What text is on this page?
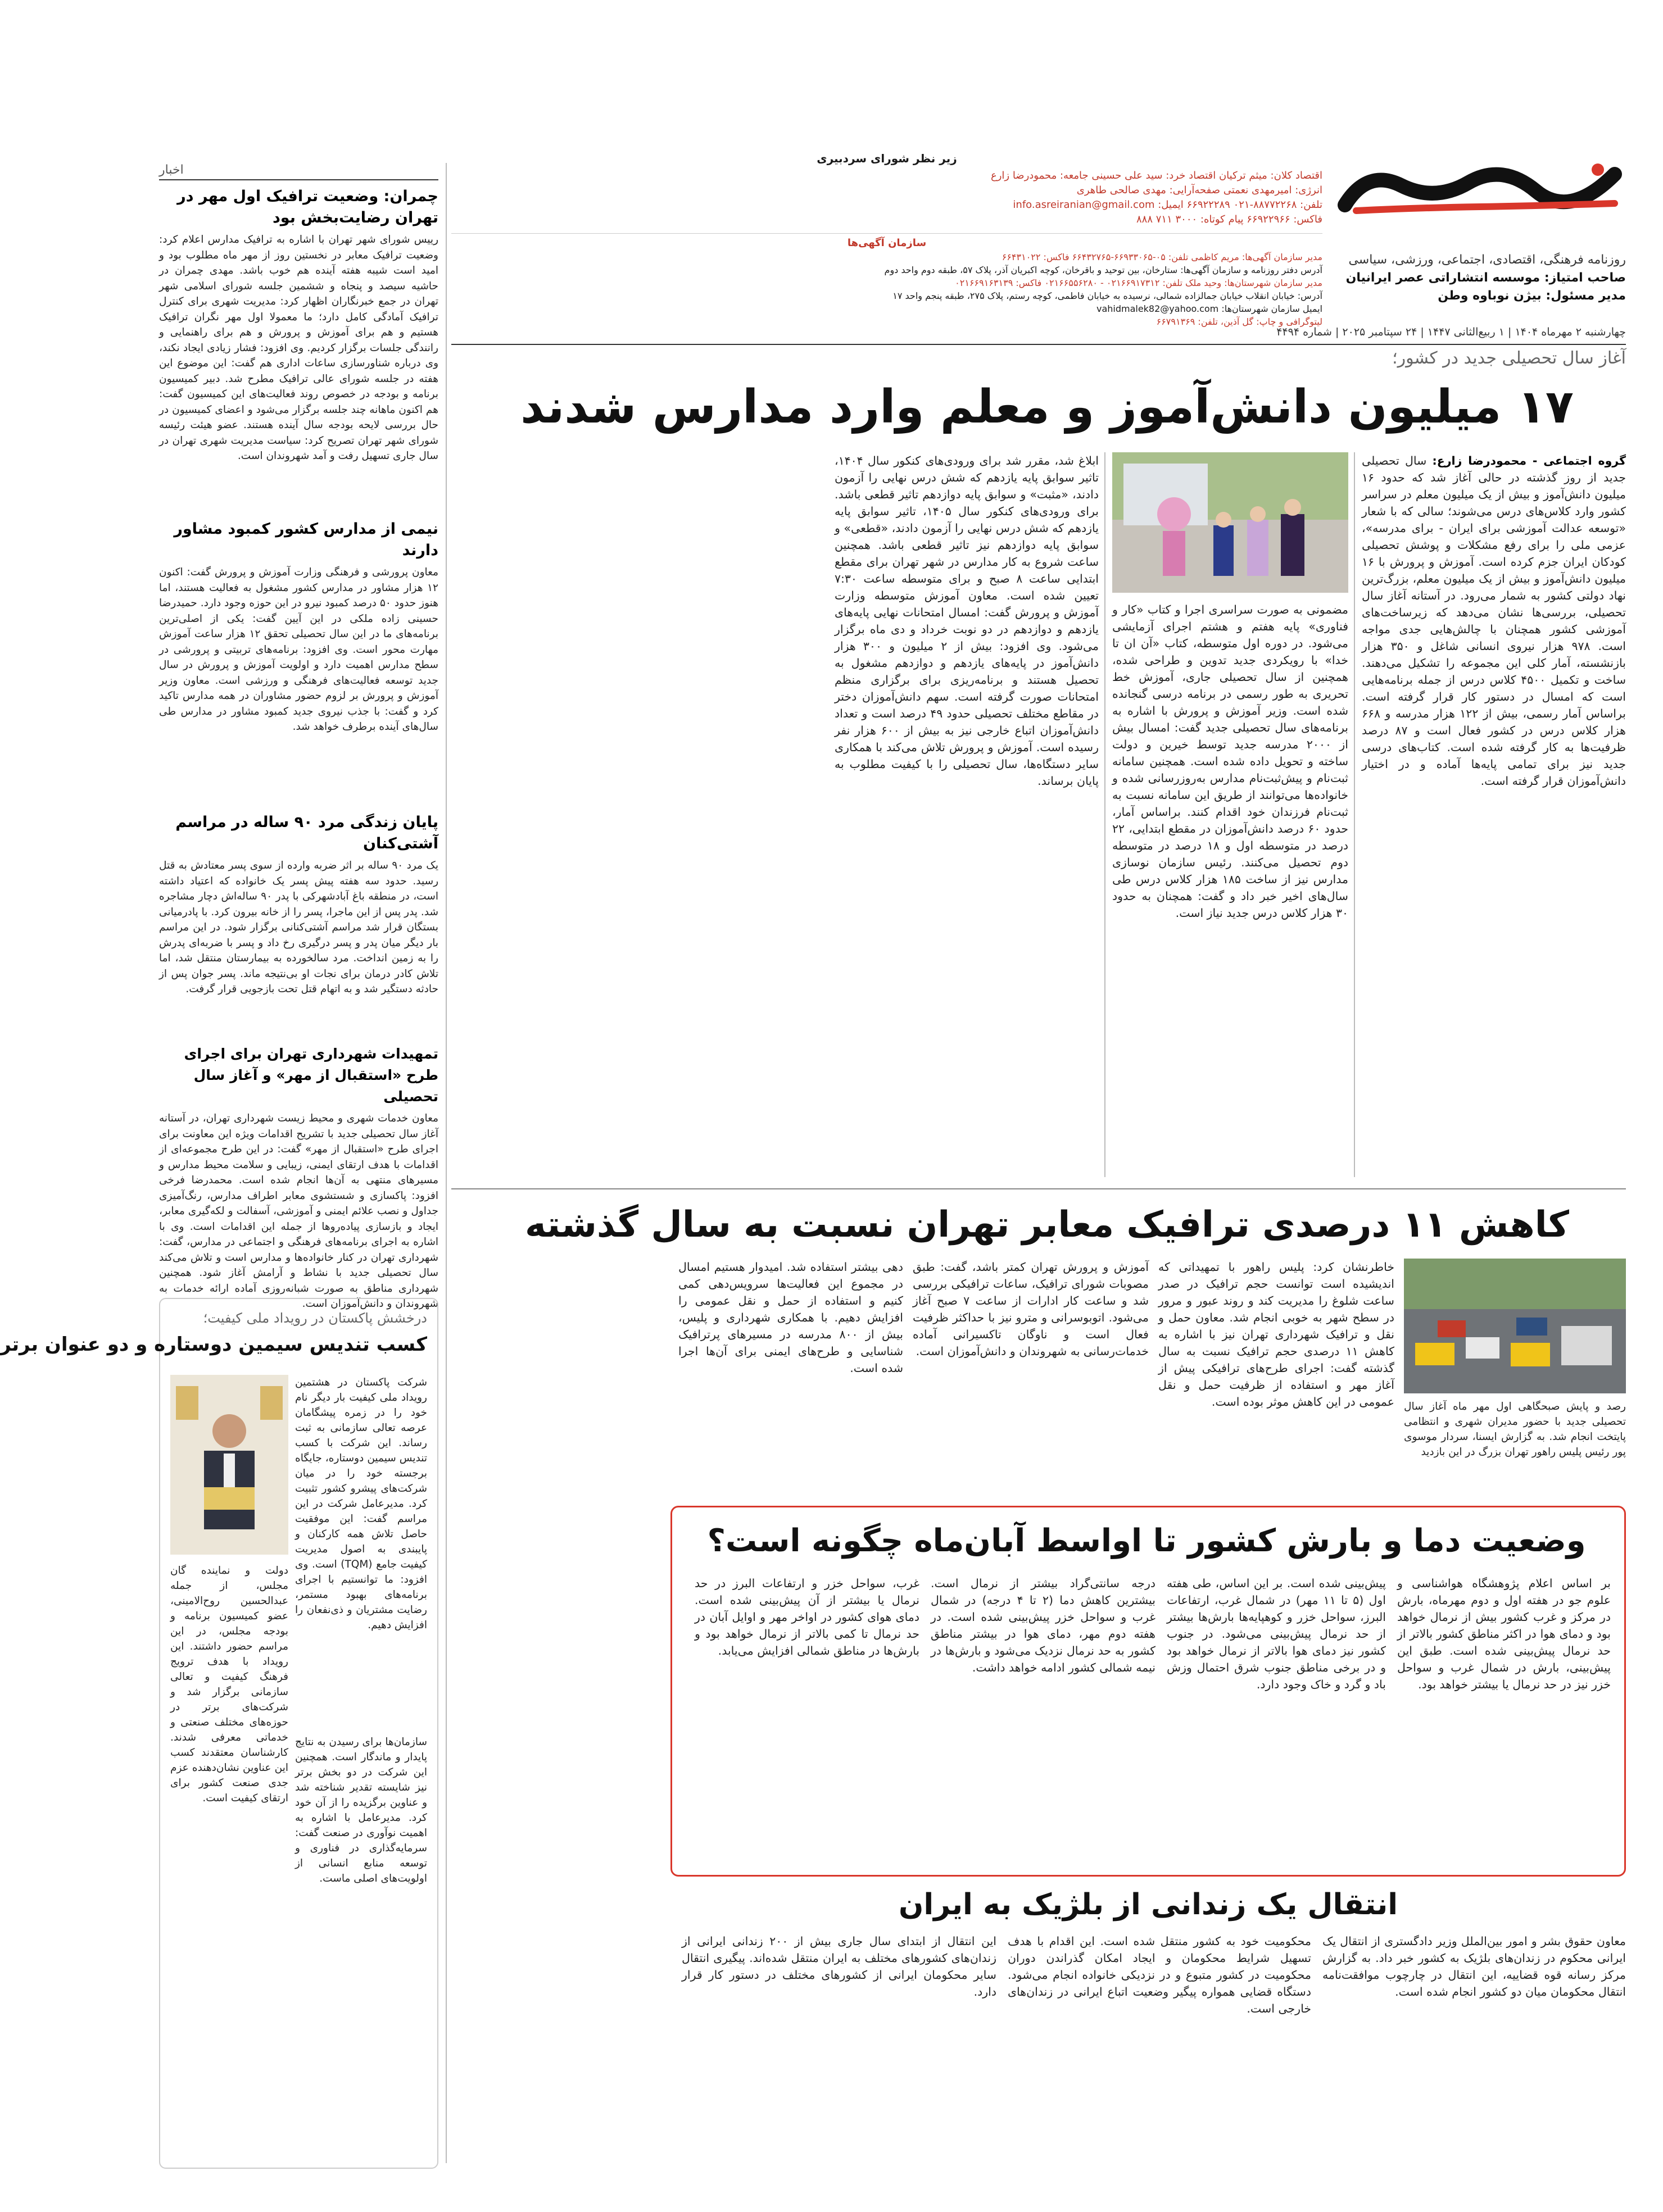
روزنامه فرهنگی، اقتصادی، اجتماعی، ورزشی، سیاسی
صاحب امتیاز: موسسه انتشاراتی عصر ایرانیان
مدیر مسئول: بیژن نوباوه وطن
زیر نظر شورای سردبیری
اقتصاد کلان: میثم ترکیان اقتصاد خرد: سید علی حسینی جامعه: محمودرضا زارع
انرژی: امیرمهدی نعمتی صفحه‌آرایی: مهدی صالحی طاهری
تلفن: ۸۸۷۷۲۲۶۸-۰۲۱ ۶۶۹۲۲۲۸۹ ایمیل: info.asreiranian@gmail.com
فاکس: ۶۶۹۲۲۹۶۶ پیام کوتاه: ۳۰۰۰ ۷۱۱ ۸۸۸
سازمان آگهی‌ها
مدیر سازمان آگهی‌ها: مریم کاظمی تلفن: ۰۵-۶۶۹۳۳۰۶۵-۶۶۴۳۲۷۶۵ فاکس: ۶۶۴۳۱۰۲۲
آدرس دفتر روزنامه و سازمان آگهی‌ها: ستارخان، بین توحید و باقرخان، کوچه اکبریان آذر، پلاک ۵۷، طبقه دوم واحد دوم
مدیر سازمان شهرستان‌ها: وحید ملک تلفن: ۰۲۱۶۶۹۱۷۳۱۲ - ۰۲۱۶۶۵۵۶۲۸۰ فاکس: ۰۲۱۶۶۹۱۶۳۱۳۹
آدرس: خیابان انقلاب خیابان جمالزاده شمالی، نرسیده به خیابان فاطمی، کوچه رستم، پلاک ۲۷۵، طبقه پنجم واحد ۱۷
ایمیل سازمان شهرستان‌ها: vahidmalek82@yahoo.com
لیتوگرافی و چاپ: گل آذین، تلفن: ۶۶۷۹۱۳۶۹
چهارشنبه ۲ مهرماه ۱۴۰۴ | ۱ ربیع‌الثانی ۱۴۴۷ | ۲۴ سپتامبر ۲۰۲۵ | شماره ۴۴۹۴
اخبار
چمران: وضعیت ترافیک اول مهر در تهران رضایت‌بخش بود
رییس شورای شهر تهران با اشاره به ترافیک مدارس اعلام کرد: وضعیت ترافیک معابر در نخستین روز از مهر ماه مطلوب بود و امید است شیبه هفته آینده هم خوب باشد. مهدی چمران در حاشیه سیصد و پنجاه و ششمین جلسه شورای اسلامی شهر تهران در جمع خبرنگاران اظهار کرد: مدیریت شهری برای کنترل ترافیک آمادگی کامل دارد؛ ما معمولا اول مهر نگران ترافیک هستیم و هم برای آموزش و پرورش و هم برای راهنمایی و رانندگی جلسات برگزار کردیم. وی افزود: فشار زیادی ایجاد نکند، وی درباره شناورسازی ساعات اداری هم گفت: این موضوع این هفته در جلسه شورای عالی ترافیک مطرح شد. دبیر کمیسیون برنامه و بودجه در خصوص روند فعالیت‌های این کمیسیون گفت: هم اکنون ماهانه چند جلسه برگزار می‌شود و اعضای کمیسیون در حال بررسی لایحه بودجه سال آینده هستند. عضو هیئت رئیسه شورای شهر تهران تصریح کرد: سیاست مدیریت شهری تهران در سال جاری تسهیل رفت و آمد شهروندان است.
نیمی از مدارس کشور کمبود مشاور دارند
معاون پرورشی و فرهنگی وزارت آموزش و پرورش گفت: اکنون ۱۲ هزار مشاور در مدارس کشور مشغول به فعالیت هستند، اما هنوز حدود ۵۰ درصد کمبود نیرو در این حوزه وجود دارد. حمیدرضا حسینی زاده ملکی در این آیین گفت: یکی از اصلی‌ترین برنامه‌های ما در این سال تحصیلی تحقق ۱۲ هزار ساعت آموزش مهارت محور است. وی افزود: برنامه‌های تربیتی و پرورشی در سطح مدارس اهمیت دارد و اولویت آموزش و پرورش در سال جدید توسعه فعالیت‌های فرهنگی و ورزشی است. معاون وزیر آموزش و پرورش بر لزوم حضور مشاوران در همه مدارس تاکید کرد و گفت: با جذب نیروی جدید کمبود مشاور در مدارس طی سال‌های آینده برطرف خواهد شد.
پایان زندگی مرد ۹۰ ساله در مراسم آشتی‌کنان
یک مرد ۹۰ ساله بر اثر ضربه وارده از سوی پسر معتادش به قتل رسید. حدود سه هفته پیش پسر یک خانواده که اعتیاد داشته است، در منطقه باغ آبادشهرکی با پدر ۹۰ ساله‌اش دچار مشاجره شد. پدر پس از این ماجرا، پسر را از خانه بیرون کرد. با پادرمیانی بستگان قرار شد مراسم آشتی‌کنانی برگزار شود. در این مراسم بار دیگر میان پدر و پسر درگیری رخ داد و پسر با ضربه‌ای پدرش را به زمین انداخت. مرد سالخورده به بیمارستان منتقل شد، اما تلاش کادر درمان برای نجات او بی‌نتیجه ماند. پسر جوان پس از حادثه دستگیر شد و به اتهام قتل تحت بازجویی قرار گرفت.
تمهیدات شهرداری تهران برای اجرای طرح «استقبال از مهر» و آغاز سال تحصیلی
معاون خدمات شهری و محیط زیست شهرداری تهران، در آستانه آغاز سال تحصیلی جدید با تشریح اقدامات ویژه این معاونت برای اجرای طرح «استقبال از مهر» گفت: در این طرح مجموعه‌ای از اقدامات با هدف ارتقای ایمنی، زیبایی و سلامت محیط مدارس و مسیرهای منتهی به آن‌ها انجام شده است. محمدرضا فرخی افزود: پاکسازی و شستشوی معابر اطراف مدارس، رنگ‌آمیزی جداول و نصب علائم ایمنی و آموزشی، آسفالت و لکه‌گیری معابر، ایجاد و بازسازی پیاده‌روها از جمله این اقدامات است. وی با اشاره به اجرای برنامه‌های فرهنگی و اجتماعی در مدارس، گفت: شهرداری تهران در کنار خانواده‌ها و مدارس است و تلاش می‌کند سال تحصیلی جدید با نشاط و آرامش آغاز شود. همچنین شهرداری مناطق به صورت شبانه‌روزی آماده ارائه خدمات به شهروندان و دانش‌آموزان است.
آغاز سال تحصیلی جدید در کشور؛
۱۷ میلیون دانش‌آموز و معلم وارد مدارس شدند
گروه اجتماعی - محمودرضا زارع: سال تحصیلی جدید از روز گذشته در حالی آغاز شد که حدود ۱۶ میلیون دانش‌آموز و بیش از یک میلیون معلم در سراسر کشور وارد کلاس‌های درس می‌شوند؛ سالی که با شعار «توسعه عدالت آموزشی برای ایران - برای مدرسه»، عزمی ملی را برای رفع مشکلات و پوشش تحصیلی کودکان ایران جزم کرده است. آموزش و پرورش با ۱۶ میلیون دانش‌آموز و بیش از یک میلیون معلم، بزرگ‌ترین نهاد دولتی کشور به شمار می‌رود. در آستانه آغاز سال تحصیلی، بررسی‌ها نشان می‌دهد که زیرساخت‌های آموزشی کشور همچنان با چالش‌هایی جدی مواجه است. ۹۷۸ هزار نیروی انسانی شاغل و ۳۵۰ هزار بازنشسته، آمار کلی این مجموعه را تشکیل می‌دهند. ساخت و تکمیل ۴۵۰۰ کلاس درس از جمله برنامه‌هایی است که امسال در دستور کار قرار گرفته است. براساس آمار رسمی، بیش از ۱۲۲ هزار مدرسه و ۶۶۸ هزار کلاس درس در کشور فعال است و ۸۷ درصد ظرفیت‌ها به کار گرفته شده است. کتاب‌های درسی جدید نیز برای تمامی پایه‌ها آماده و در اختیار دانش‌آموزان قرار گرفته است.
مضمونی به صورت سراسری اجرا و کتاب «کار و فناوری» پایه هفتم و هشتم اجرای آزمایشی می‌شود. در دوره اول متوسطه، کتاب «آن ان تا خدا» با رویکردی جدید تدوین و طراحی شده، همچنین از سال تحصیلی جاری، آموزش خط تحریری به طور رسمی در برنامه درسی گنجانده شده است. وزیر آموزش و پرورش با اشاره به برنامه‌های سال تحصیلی جدید گفت: امسال بیش از ۲۰۰۰ مدرسه جدید توسط خیرین و دولت ساخته و تحویل داده شده است. همچنین سامانه ثبت‌نام و پیش‌ثبت‌نام مدارس به‌روزرسانی شده و خانواده‌ها می‌توانند از طریق این سامانه نسبت به ثبت‌نام فرزندان خود اقدام کنند. براساس آمار، حدود ۶۰ درصد دانش‌آموزان در مقطع ابتدایی، ۲۲ درصد در متوسطه اول و ۱۸ درصد در متوسطه دوم تحصیل می‌کنند. رئیس سازمان نوسازی مدارس نیز از ساخت ۱۸۵ هزار کلاس درس طی سال‌های اخیر خبر داد و گفت: همچنان به حدود ۳۰ هزار کلاس درس جدید نیاز است.
ابلاغ شد، مقرر شد برای ورودی‌های کنکور سال ۱۴۰۴، تاثیر سوابق پایه یازدهم که شش درس نهایی را آزمون دادند، «مثبت» و سوابق پایه دوازدهم تاثیر قطعی باشد. برای ورودی‌های کنکور سال ۱۴۰۵، تاثیر سوابق پایه یازدهم که شش درس نهایی را آزمون دادند، «قطعی» و سوابق پایه دوازدهم نیز تاثیر قطعی باشد. همچنین ساعت شروع به کار مدارس در شهر تهران برای مقطع ابتدایی ساعت ۸ صبح و برای متوسطه ساعت ۷:۳۰ تعیین شده است. معاون آموزش متوسطه وزارت آموزش و پرورش گفت: امسال امتحانات نهایی پایه‌های یازدهم و دوازدهم در دو نوبت خرداد و دی ماه برگزار می‌شود. وی افزود: بیش از ۲ میلیون و ۳۰۰ هزار دانش‌آموز در پایه‌های یازدهم و دوازدهم مشغول به تحصیل هستند و برنامه‌ریزی برای برگزاری منظم امتحانات صورت گرفته است. سهم دانش‌آموزان دختر در مقاطع مختلف تحصیلی حدود ۴۹ درصد است و تعداد دانش‌آموزان اتباع خارجی نیز به بیش از ۶۰۰ هزار نفر رسیده است. آموزش و پرورش تلاش می‌کند با همکاری سایر دستگاه‌ها، سال تحصیلی را با کیفیت مطلوب به پایان برساند.
کاهش ۱۱ درصدی ترافیک معابر تهران نسبت به سال گذشته
رصد و پایش صبحگاهی اول مهر ماه آغاز سال تحصیلی جدید با حضور مدیران شهری و انتظامی پایتخت انجام شد. به گزارش ایسنا، سردار موسوی پور رئیس پلیس راهور تهران بزرگ در این بازدید
خاطرنشان کرد: پلیس راهور با تمهیداتی که اندیشیده است توانست حجم ترافیک در صدر ساعت شلوغ را مدیریت کند و روند عبور و مرور در سطح شهر به خوبی انجام شد. معاون حمل و نقل و ترافیک شهرداری تهران نیز با اشاره به کاهش ۱۱ درصدی حجم ترافیک نسبت به سال گذشته گفت: اجرای طرح‌های ترافیکی پیش از آغاز مهر و استفاده از ظرفیت حمل و نقل عمومی در این کاهش موثر بوده است.
آموزش و پرورش تهران کمتر باشد، گفت: طبق مصوبات شورای ترافیک، ساعات ترافیکی بررسی شد و ساعت کار ادارات از ساعت ۷ صبح آغاز می‌شود. اتوبوسرانی و مترو نیز با حداکثر ظرفیت فعال است و ناوگان تاکسیرانی آماده خدمات‌رسانی به شهروندان و دانش‌آموزان است.
دهی بیشتر استفاده شد. امیدوار هستیم امسال در مجموع این فعالیت‌ها سرویس‌دهی کمی کنیم و استفاده از حمل و نقل عمومی را افزایش دهیم. با همکاری شهرداری و پلیس، بیش از ۸۰۰ مدرسه در مسیرهای پرترافیک شناسایی و طرح‌های ایمنی برای آن‌ها اجرا شده است.
وضعیت دما و بارش کشور تا اواسط آبان‌ماه چگونه است؟
بر اساس اعلام پژوهشگاه هواشناسی و علوم جو در هفته اول و دوم مهرماه، بارش در مرکز و غرب کشور بیش از نرمال خواهد بود و دمای هوا در اکثر مناطق کشور بالاتر از حد نرمال پیش‌بینی شده است. طبق این پیش‌بینی، بارش در شمال غرب و سواحل خزر نیز در حد نرمال یا بیشتر خواهد بود.
پیش‌بینی شده است. بر این اساس، طی هفته اول (۵ تا ۱۱ مهر) در شمال غرب، ارتفاعات البرز، سواحل خزر و کوهپایه‌ها بارش‌ها بیشتر از حد نرمال پیش‌بینی می‌شود. در جنوب کشور نیز دمای هوا بالاتر از نرمال خواهد بود و در برخی مناطق جنوب شرق احتمال وزش باد و گرد و خاک وجود دارد.
درجه سانتی‌گراد بیشتر از نرمال است. بیشترین کاهش دما (۲ تا ۴ درجه) در شمال غرب و سواحل خزر پیش‌بینی شده است. در هفته دوم مهر، دمای هوا در بیشتر مناطق کشور به حد نرمال نزدیک می‌شود و بارش‌ها در نیمه شمالی کشور ادامه خواهد داشت.
غرب، سواحل خزر و ارتفاعات البرز در حد نرمال یا بیشتر از آن پیش‌بینی شده است. دمای هوای کشور در اواخر مهر و اوایل آبان در حد نرمال تا کمی بالاتر از نرمال خواهد بود و بارش‌ها در مناطق شمالی افزایش می‌یابد.
انتقال یک زندانی از بلژیک به ایران
معاون حقوق بشر و امور بین‌الملل وزیر دادگستری از انتقال یک ایرانی محکوم در زندان‌های بلژیک به کشور خبر داد. به گزارش مرکز رسانه قوه قضاییه، این انتقال در چارچوب موافقت‌نامه انتقال محکومان میان دو کشور انجام شده است.
محکومیت خود به کشور منتقل شده است. این اقدام با هدف تسهیل شرایط محکومان و ایجاد امکان گذراندن دوران محکومیت در کشور متبوع و در نزدیکی خانواده انجام می‌شود. دستگاه قضایی همواره پیگیر وضعیت اتباع ایرانی در زندان‌های خارجی است.
این انتقال از ابتدای سال جاری بیش از ۲۰۰ زندانی ایرانی از زندان‌های کشورهای مختلف به ایران منتقل شده‌اند. پیگیری انتقال سایر محکومان ایرانی از کشورهای مختلف در دستور کار قرار دارد.
درخشش پاکستان در رویداد ملی کیفیت؛
کسب تندیس سیمین دوستاره و دو عنوان برتر
شرکت پاکستان در هشتمین رویداد ملی کیفیت بار دیگر نام خود را در زمره پیشگامان عرصه تعالی سازمانی به ثبت رساند. این شرکت با کسب تندیس سیمین دوستاره، جایگاه برجسته خود را در میان شرکت‌های پیشرو کشور تثبیت کرد. مدیرعامل شرکت در این مراسم گفت: این موفقیت حاصل تلاش همه کارکنان و پایبندی به اصول مدیریت کیفیت جامع (TQM) است. وی افزود: ما توانستیم با اجرای برنامه‌های بهبود مستمر، رضایت مشتریان و ذی‌نفعان را افزایش دهیم.
دولت و نماینده گان مجلس، از جمله عبدالحسین روح‌الامینی، عضو کمیسیون برنامه و بودجه مجلس، در این مراسم حضور داشتند. این رویداد با هدف ترویج فرهنگ کیفیت و تعالی سازمانی برگزار شد و شرکت‌های برتر در حوزه‌های مختلف صنعتی و خدماتی معرفی شدند. کارشناسان معتقدند کسب این عناوین نشان‌دهنده عزم جدی صنعت کشور برای ارتقای کیفیت است.
سازمان‌ها برای رسیدن به نتایج پایدار و ماندگار است. همچنین این شرکت در دو بخش برتر نیز شایسته تقدیر شناخته شد و عناوین برگزیده را از آن خود کرد. مدیرعامل با اشاره به اهمیت نوآوری در صنعت گفت: سرمایه‌گذاری در فناوری و توسعه منابع انسانی از اولویت‌های اصلی ماست.
